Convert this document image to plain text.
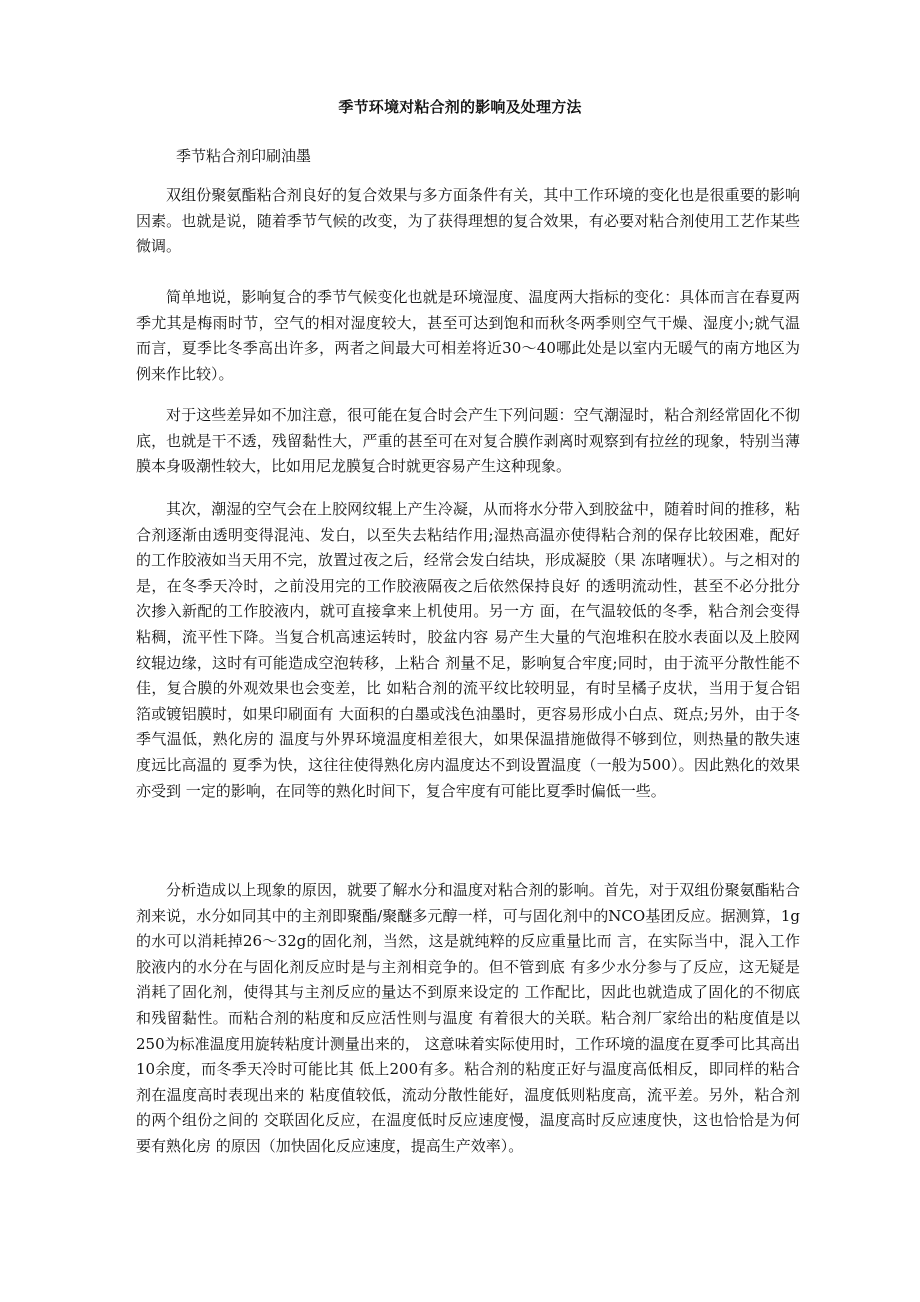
季节环境对粘合剂的影响及处理方法
季节粘合剂印刷油墨

双组份聚氨酯粘合剂良好的复合效果与多方面条件有关，其中工作环境的变化也是很重要的影响因素。也就是说，随着季节气候的改变，为了获得理想的复合效果，有必要对粘合剂使用工艺作某些微调。

简单地说，影响复合的季节气候变化也就是环境湿度、温度两大指标的变化：具体而言在春夏两季尤其是梅雨时节，空气的相对湿度较大，甚至可达到饱和而秋冬两季则空气干燥、湿度小;就气温而言，夏季比冬季高出许多，两者之间最大可相差将近30～40哪此处是以室内无暖气的南方地区为例来作比较）。

对于这些差异如不加注意，很可能在复合时会产生下列问题：空气潮湿时，粘合剂经常固化不彻底，也就是干不透，残留黏性大，严重的甚至可在对复合膜作剥离时观察到有拉丝的现象，特别当薄膜本身吸潮性较大，比如用尼龙膜复合时就更容易产生这种现象。

其次，潮湿的空气会在上胶网纹辊上产生冷凝，从而将水分带入到胶盆中，随着时间的推移，粘合剂逐渐由透明变得混沌、发白，以至失去粘结作用;湿热高温亦使得粘合剂的保存比较困难，配好的工作胶液如当天用不完，放置过夜之后，经常会发白结块，形成凝胶（果 冻啫喱状）。与之相对的是，在冬季天冷时，之前没用完的工作胶液隔夜之后依然保持良好 的透明流动性，甚至不必分批分次掺入新配的工作胶液内，就可直接拿来上机使用。另一方 面，在气温较低的冬季，粘合剂会变得粘稠，流平性下降。当复合机高速运转时，胶盆内容 易产生大量的气泡堆积在胶水表面以及上胶网纹辊边缘，这时有可能造成空泡转移，上粘合 剂量不足，影响复合牢度;同时，由于流平分散性能不佳，复合膜的外观效果也会变差，比 如粘合剂的流平纹比较明显，有时呈橘子皮状，当用于复合铝箔或镀铝膜时，如果印刷面有 大面积的白墨或浅色油墨时，更容易形成小白点、斑点;另外，由于冬季气温低，熟化房的 温度与外界环境温度相差很大，如果保温措施做得不够到位，则热量的散失速度远比高温的 夏季为快，这往往使得熟化房内温度达不到设置温度（一般为500）。因此熟化的效果亦受到 一定的影响，在同等的熟化时间下，复合牢度有可能比夏季时偏低一些。

分析造成以上现象的原因，就要了解水分和温度对粘合剂的影响。首先，对于双组份聚氨酯粘合剂来说，水分如同其中的主剂即聚酯/聚醚多元醇一样，可与固化剂中的NCO基团反应。据测算，1g的水可以消耗掉26～32g的固化剂，当然，这是就纯粹的反应重量比而 言，在实际当中，混入工作胶液内的水分在与固化剂反应时是与主剂相竞争的。但不管到底 有多少水分参与了反应，这无疑是消耗了固化剂，使得其与主剂反应的量达不到原来设定的 工作配比，因此也就造成了固化的不彻底和残留黏性。而粘合剂的粘度和反应活性则与温度 有着很大的关联。粘合剂厂家给出的粘度值是以 250为标准温度用旋转粘度计测量出来的， 这意味着实际使用时，工作环境的温度在夏季可比其高出10余度，而冬季天冷时可能比其 低上200有多。粘合剂的粘度正好与温度高低相反，即同样的粘合剂在温度高时表现出来的 粘度值较低，流动分散性能好，温度低则粘度高，流平差。另外，粘合剂的两个组份之间的 交联固化反应，在温度低时反应速度慢，温度高时反应速度快，这也恰恰是为何要有熟化房 的原因（加快固化反应速度，提高生产效率）。
